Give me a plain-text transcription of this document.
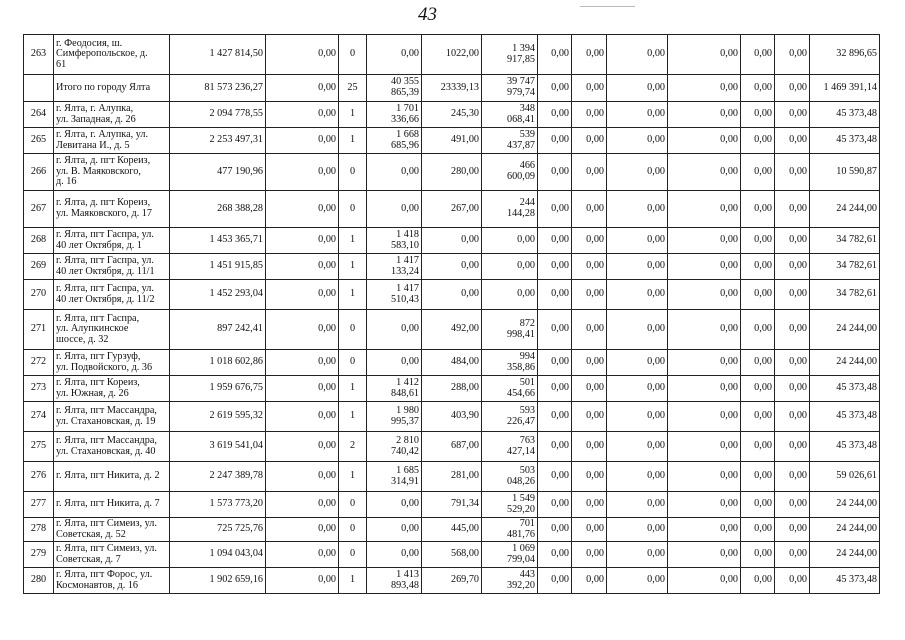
43
263	г. Феодосия, ш.
Симферопольское, д.
61	1 427 814,50	0,00	0	0,00	1022,00	1 394
917,85	0,00	0,00	0,00	0,00	0,00	0,00	32 896,65

	Итого по городу Ялта	81 573 236,27	0,00	25	40 355
865,39	23339,13	39 747
979,74	0,00	0,00	0,00	0,00	0,00	0,00	1 469 391,14

264	г. Ялта, г. Алупка,
ул. Западная, д. 26	2 094 778,55	0,00	1	1 701
336,66	245,30	348
068,41	0,00	0,00	0,00	0,00	0,00	0,00	45 373,48

265	г. Ялта, г. Алупка, ул.
Левитана И., д. 5	2 253 497,31	0,00	1	1 668
685,96	491,00	539
437,87	0,00	0,00	0,00	0,00	0,00	0,00	45 373,48

266	г. Ялта, д. пгт Кореиз,
ул. В. Маяковского,
д. 16	477 190,96	0,00	0	0,00	280,00	466
600,09	0,00	0,00	0,00	0,00	0,00	0,00	10 590,87

267	г. Ялта, д. пгт Кореиз,
ул. Маяковского, д. 17	268 388,28	0,00	0	0,00	267,00	244
144,28	0,00	0,00	0,00	0,00	0,00	0,00	24 244,00

268	г. Ялта, пгт Гаспра, ул.
40 лет Октября, д. 1	1 453 365,71	0,00	1	1 418
583,10	0,00	0,00	0,00	0,00	0,00	0,00	0,00	0,00	34 782,61

269	г. Ялта, пгт Гаспра, ул.
40 лет Октября, д. 11/1	1 451 915,85	0,00	1	1 417
133,24	0,00	0,00	0,00	0,00	0,00	0,00	0,00	0,00	34 782,61

270	г. Ялта, пгт Гаспра, ул.
40 лет Октября, д. 11/2	1 452 293,04	0,00	1	1 417
510,43	0,00	0,00	0,00	0,00	0,00	0,00	0,00	0,00	34 782,61

271	г. Ялта, пгт Гаспра,
ул. Алупкинское
шоссе, д. 32	897 242,41	0,00	0	0,00	492,00	872
998,41	0,00	0,00	0,00	0,00	0,00	0,00	24 244,00

272	г. Ялта, пгт Гурзуф,
ул. Подвойского, д. 36	1 018 602,86	0,00	0	0,00	484,00	994
358,86	0,00	0,00	0,00	0,00	0,00	0,00	24 244,00

273	г. Ялта, пгт Кореиз,
ул. Южная, д. 26	1 959 676,75	0,00	1	1 412
848,61	288,00	501
454,66	0,00	0,00	0,00	0,00	0,00	0,00	45 373,48

274	г. Ялта, пгт Массандра,
ул. Стахановская, д. 19	2 619 595,32	0,00	1	1 980
995,37	403,90	593
226,47	0,00	0,00	0,00	0,00	0,00	0,00	45 373,48

275	г. Ялта, пгт Массандра,
ул. Стахановская, д. 40	3 619 541,04	0,00	2	2 810
740,42	687,00	763
427,14	0,00	0,00	0,00	0,00	0,00	0,00	45 373,48

276	г. Ялта, пгт Никита, д. 2	2 247 389,78	0,00	1	1 685
314,91	281,00	503
048,26	0,00	0,00	0,00	0,00	0,00	0,00	59 026,61

277	г. Ялта, пгт Никита, д. 7	1 573 773,20	0,00	0	0,00	791,34	1 549
529,20	0,00	0,00	0,00	0,00	0,00	0,00	24 244,00

278	г. Ялта, пгт Симеиз, ул.
Советская, д. 52	725 725,76	0,00	0	0,00	445,00	701
481,76	0,00	0,00	0,00	0,00	0,00	0,00	24 244,00

279	г. Ялта, пгт Симеиз, ул.
Советская, д. 7	1 094 043,04	0,00	0	0,00	568,00	1 069
799,04	0,00	0,00	0,00	0,00	0,00	0,00	24 244,00

280	г. Ялта, пгт Форос, ул.
Космонавтов, д. 16	1 902 659,16	0,00	1	1 413
893,48	269,70	443
392,20	0,00	0,00	0,00	0,00	0,00	0,00	45 373,48
